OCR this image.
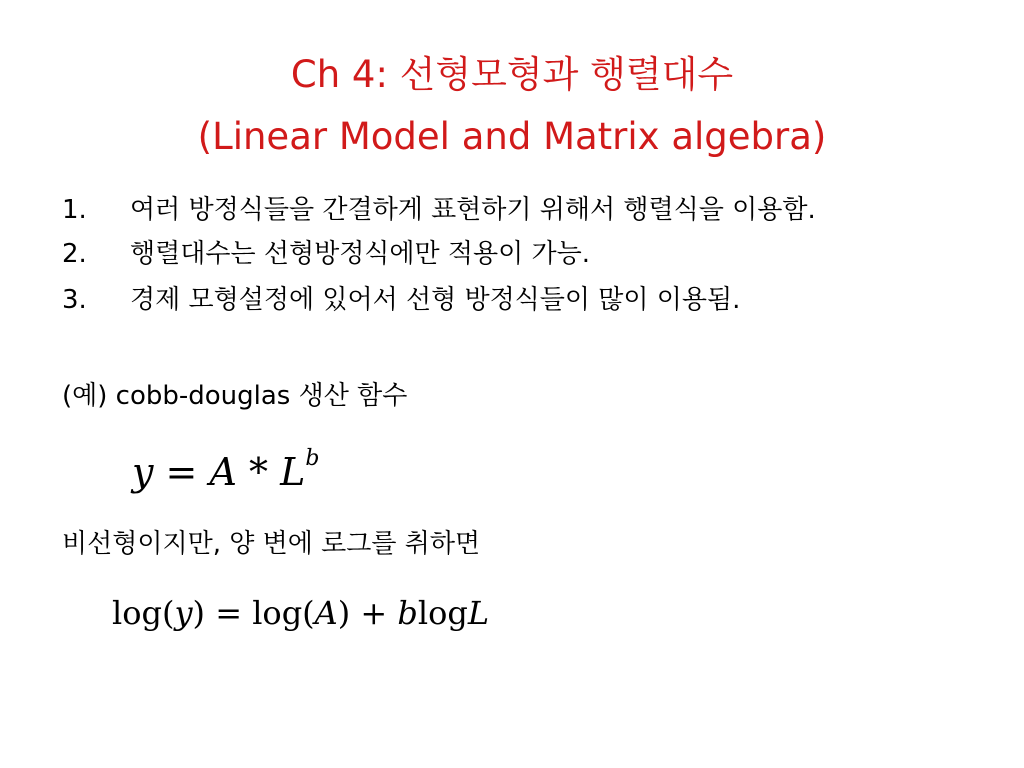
Ch 4: 선형모형과 행렬대수
(Linear Model and Matrix algebra)
1.	여러 방정식들을 간결하게 표현하기 위해서 행렬식을 이용함.
2.	행렬대수는 선형방정식에만 적용이 가능.
3.	경제 모형설정에 있어서 선형 방정식들이 많이 이용됨.
(예) cobb-douglas 생산 함수
$y = A * L^b$
비선형이지만, 양 변에 로그를 취하면
log(y) = log(A) + blogL
